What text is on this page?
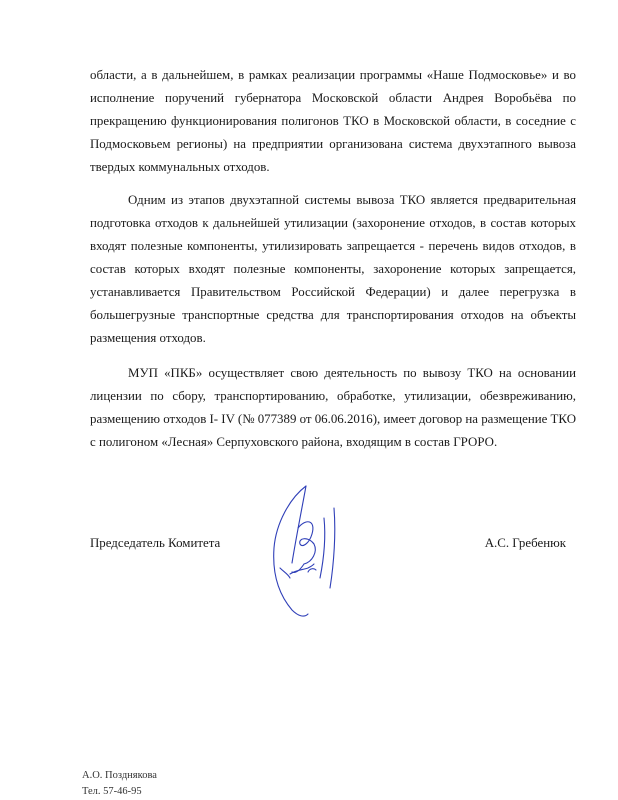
области, а в дальнейшем, в рамках реализации программы «Наше Подмосковье» и во исполнение поручений губернатора Московской области Андрея Воробьёва по прекращению функционирования полигонов ТКО в Московской области, в соседние с Подмосковьем регионы) на предприятии организована система двухэтапного вывоза твердых коммунальных отходов.

Одним из этапов двухэтапной системы вывоза ТКО является предварительная подготовка отходов к дальнейшей утилизации (захоронение отходов, в состав которых входят полезные компоненты, утилизировать запрещается - перечень видов отходов, в состав которых входят полезные компоненты, захоронение которых запрещается, устанавливается Правительством Российской Федерации) и далее перегрузка в большегрузные транспортные средства для транспортирования отходов на объекты размещения отходов.

МУП «ПКБ» осуществляет свою деятельность по вывозу ТКО на основании лицензии по сбору, транспортированию, обработке, утилизации, обезвреживанию, размещению отходов I- IV (№ 077389 от 06.06.2016), имеет договор на размещение ТКО с полигоном «Лесная» Серпуховского района, входящим в состав ГРОРО.

Председатель Комитета	А.С. Гребенюк
А.О. Позднякова
Тел. 57-46-95
